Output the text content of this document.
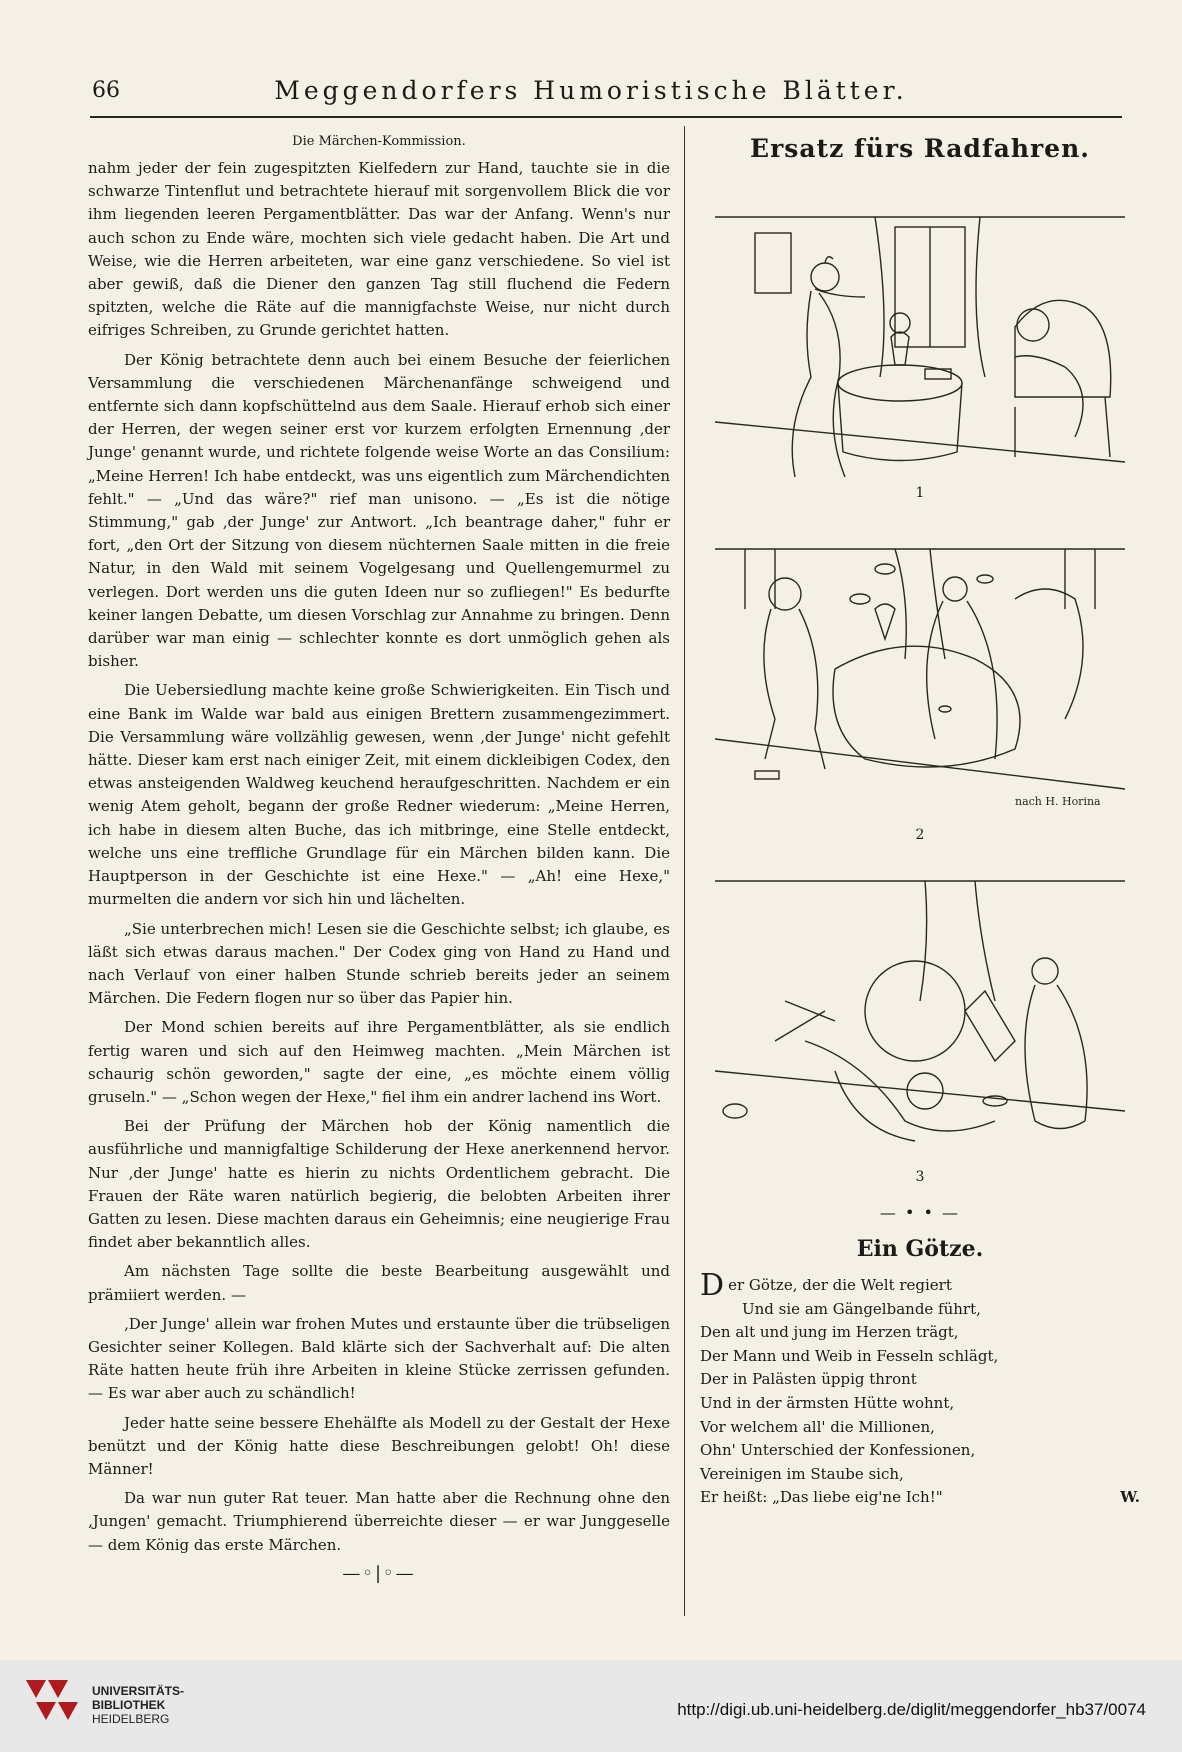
66	Meggendorfers Humoristische Blätter.
Die Märchen-Kommission.

nahm jeder der fein zugespitzten Kielfedern zur Hand, tauchte sie in die schwarze Tintenflut und betrachtete hierauf mit sorgenvollem Blick die vor ihm liegenden leeren Pergamentblätter. Das war der Anfang. Wenn's nur auch schon zu Ende wäre, mochten sich viele gedacht haben. Die Art und Weise, wie die Herren arbeiteten, war eine ganz verschiedene. So viel ist aber gewiß, daß die Diener den ganzen Tag still fluchend die Federn spitzten, welche die Räte auf die mannigfachste Weise, nur nicht durch eifriges Schreiben, zu Grunde gerichtet hatten.

Der König betrachtete denn auch bei einem Besuche der feierlichen Versammlung die verschiedenen Märchenanfänge schweigend und entfernte sich dann kopfschüttelnd aus dem Saale. Hierauf erhob sich einer der Herren, der wegen seiner erst vor kurzem erfolgten Ernennung ‚der Junge' genannt wurde, und richtete folgende weise Worte an das Consilium: „Meine Herren! Ich habe entdeckt, was uns eigentlich zum Märchendichten fehlt." — „Und das wäre?" rief man unisono. — „Es ist die nötige Stimmung," gab ‚der Junge' zur Antwort. „Ich beantrage daher," fuhr er fort, „den Ort der Sitzung von diesem nüchternen Saale mitten in die freie Natur, in den Wald mit seinem Vogelgesang und Quellengemurmel zu verlegen. Dort werden uns die guten Ideen nur so zufliegen!" Es bedurfte keiner langen Debatte, um diesen Vorschlag zur Annahme zu bringen. Denn darüber war man einig — schlechter konnte es dort unmöglich gehen als bisher.

Die Uebersiedlung machte keine große Schwierigkeiten. Ein Tisch und eine Bank im Walde war bald aus einigen Brettern zusammengezimmert. Die Versammlung wäre vollzählig gewesen, wenn ‚der Junge' nicht gefehlt hätte. Dieser kam erst nach einiger Zeit, mit einem dickleibigen Codex, den etwas ansteigenden Waldweg keuchend heraufgeschritten. Nachdem er ein wenig Atem geholt, begann der große Redner wiederum: „Meine Herren, ich habe in diesem alten Buche, das ich mitbringe, eine Stelle entdeckt, welche uns eine treffliche Grundlage für ein Märchen bilden kann. Die Hauptperson in der Geschichte ist eine Hexe." — „Ah! eine Hexe," murmelten die andern vor sich hin und lächelten.

„Sie unterbrechen mich! Lesen sie die Geschichte selbst; ich glaube, es läßt sich etwas daraus machen." Der Codex ging von Hand zu Hand und nach Verlauf von einer halben Stunde schrieb bereits jeder an seinem Märchen. Die Federn flogen nur so über das Papier hin.

Der Mond schien bereits auf ihre Pergamentblätter, als sie endlich fertig waren und sich auf den Heimweg machten. „Mein Märchen ist schaurig schön geworden," sagte der eine, „es möchte einem völlig gruseln." — „Schon wegen der Hexe," fiel ihm ein andrer lachend ins Wort.

Bei der Prüfung der Märchen hob der König namentlich die ausführliche und mannigfaltige Schilderung der Hexe anerkennend hervor. Nur ‚der Junge' hatte es hierin zu nichts Ordentlichem gebracht. Die Frauen der Räte waren natürlich begierig, die belobten Arbeiten ihrer Gatten zu lesen. Diese machten daraus ein Geheimnis; eine neugierige Frau findet aber bekanntlich alles.

Am nächsten Tage sollte die beste Bearbeitung ausgewählt und prämiiert werden. —

‚Der Junge' allein war frohen Mutes und erstaunte über die trübseligen Gesichter seiner Kollegen. Bald klärte sich der Sachverhalt auf: Die alten Räte hatten heute früh ihre Arbeiten in kleine Stücke zerrissen gefunden. — Es war aber auch zu schändlich!

Jeder hatte seine bessere Ehehälfte als Modell zu der Gestalt der Hexe benützt und der König hatte diese Beschreibungen gelobt! Oh! diese Männer!

Da war nun guter Rat teuer. Man hatte aber die Rechnung ohne den ‚Jungen' gemacht. Triumphierend überreichte dieser — er war Junggeselle — dem König das erste Märchen.

—◦|◦—
Ersatz fürs Radfahren.
1
nach H. Horina
2
3
— • • —
Ein Götze.
Der Götze, der die Welt regiert
Und sie am Gängelbande führt,
Den alt und jung im Herzen trägt,
Der Mann und Weib in Fesseln schlägt,
Der in Palästen üppig thront
Und in der ärmsten Hütte wohnt,
Vor welchem all' die Millionen,
Ohn' Unterschied der Konfessionen,
Vereinigen im Staube sich,
Er heißt: „Das liebe eig'ne Ich!"	W.
UNIVERSITÄTS-
BIBLIOTHEK
HEIDELBERG	http://digi.ub.uni-heidelberg.de/diglit/meggendorfer_hb37/0074
